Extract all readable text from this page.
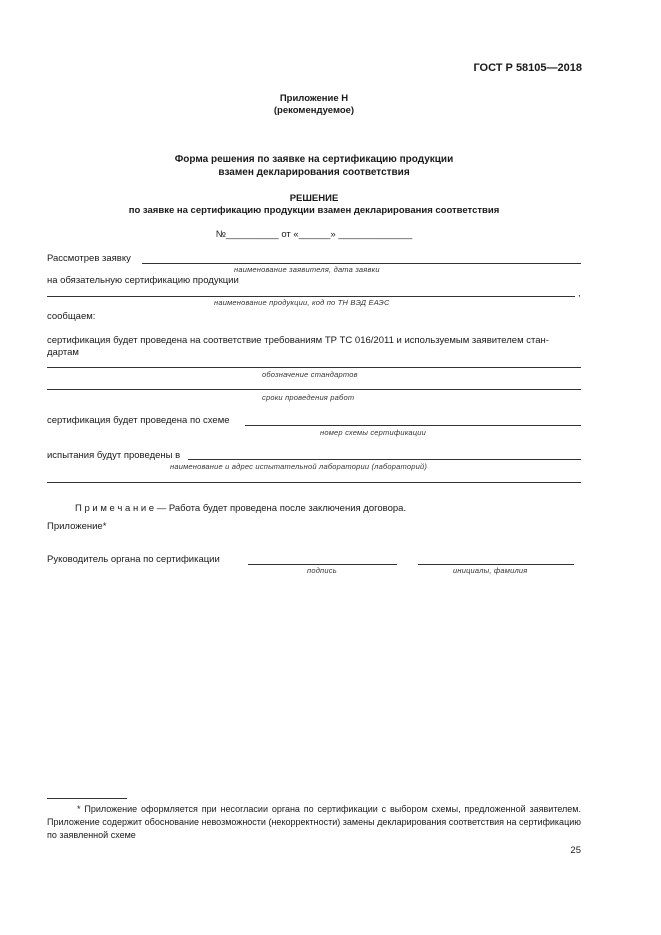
ГОСТ Р 58105—2018
Приложение Н
(рекомендуемое)
Форма решения по заявке на сертификацию продукции
взамен декларирования соответствия
РЕШЕНИЕ
по заявке на сертификацию продукции взамен декларирования соответствия
№__________ от «______» ______________
Рассмотрев заявку
наименование заявителя, дата заявки
на обязательную сертификацию продукции
,
наименование продукции, код по ТН ВЭД ЕАЭС
сообщаем:
сертификация будет проведена на соответствие требованиям ТР ТС 016/2011 и используемым заявителем стан-
дартам
обозначение стандартов
сроки проведения работ
сертификация будет проведена по схеме
номер схемы сертификации
испытания будут проведены в
наименование и адрес испытательной лаборатории (лабораторий)
П р и м е ч а н и е — Работа будет проведена после заключения договора.
Приложение*
Руководитель органа по сертификации
подпись	инициалы, фамилия
* Приложение оформляется при несогласии органа по сертификации с выбором схемы, предложенной заявителем. Приложение содержит обоснование невозможности (некорректности) замены декларирования соответствия на сертификацию по заявленной схеме
25
